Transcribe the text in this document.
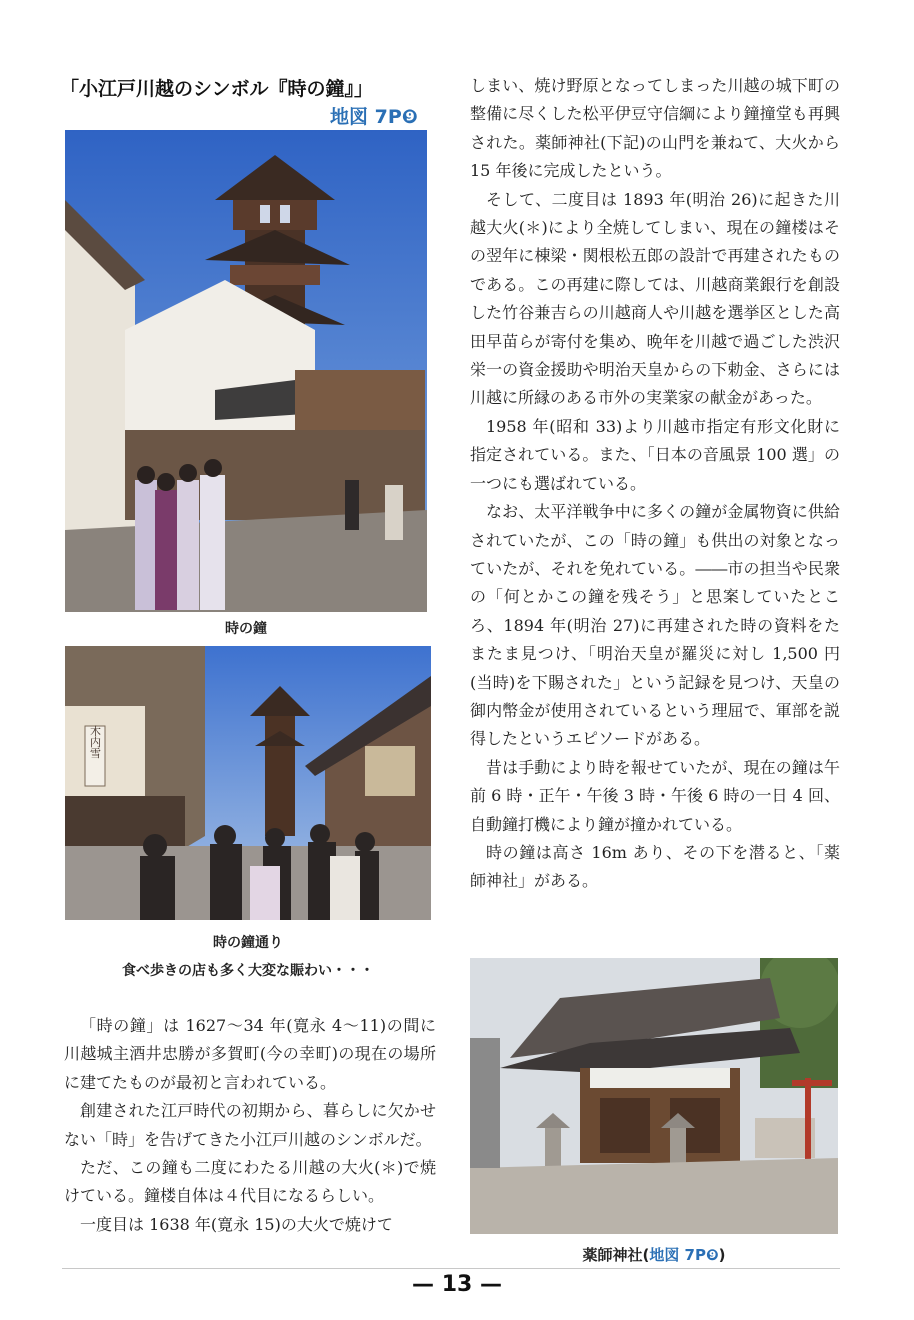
「小江戸川越のシンボル『時の鐘』」
地図 7P❾
時の鐘
木内雪
時の鐘通り
食べ歩きの店も多く大変な賑わい・・・

「時の鐘」は 1627～34 年(寛永 4～11)の間に川越城主酒井忠勝が多賀町(今の幸町)の現在の場所に建てたものが最初と言われている。

創建された江戸時代の初期から、暮らしに欠かせない「時」を告げてきた小江戸川越のシンボルだ。

ただ、この鐘も二度にわたる川越の大火(＊)で焼けている。鐘楼自体は４代目になるらしい。

一度目は 1638 年(寛永 15)の大火で焼けて

しまい、焼け野原となってしまった川越の城下町の整備に尽くした松平伊豆守信綱により鐘撞堂も再興された。薬師神社(下記)の山門を兼ねて、大火から 15 年後に完成したという。

そして、二度目は 1893 年(明治 26)に起きた川越大火(＊)により全焼してしまい、現在の鐘楼はその翌年に棟梁・関根松五郎の設計で再建されたものである。この再建に際しては、川越商業銀行を創設した竹谷兼吉らの川越商人や川越を選挙区とした高田早苗らが寄付を集め、晩年を川越で過ごした渋沢栄一の資金援助や明治天皇からの下勅金、さらには川越に所縁のある市外の実業家の献金があった。

1958 年(昭和 33)より川越市指定有形文化財に指定されている。また、「日本の音風景 100 選」の一つにも選ばれている。

なお、太平洋戦争中に多くの鐘が金属物資に供給されていたが、この「時の鐘」も供出の対象となっていたが、それを免れている。――市の担当や民衆の「何とかこの鐘を残そう」と思案していたところ、1894 年(明治 27)に再建された時の資料をたまたま見つけ、「明治天皇が羅災に対し 1,500 円(当時)を下賜された」という記録を見つけ、天皇の御内幣金が使用されているという理屈で、軍部を説得したというエピソードがある。

昔は手動により時を報せていたが、現在の鐘は午前 6 時・正午・午後 3 時・午後 6 時の一日 4 回、自動鐘打機により鐘が撞かれている。

時の鐘は高さ 16m あり、その下を潜ると、「薬師神社」がある。

薬師神社(地図 7P❾)
— 13 —
